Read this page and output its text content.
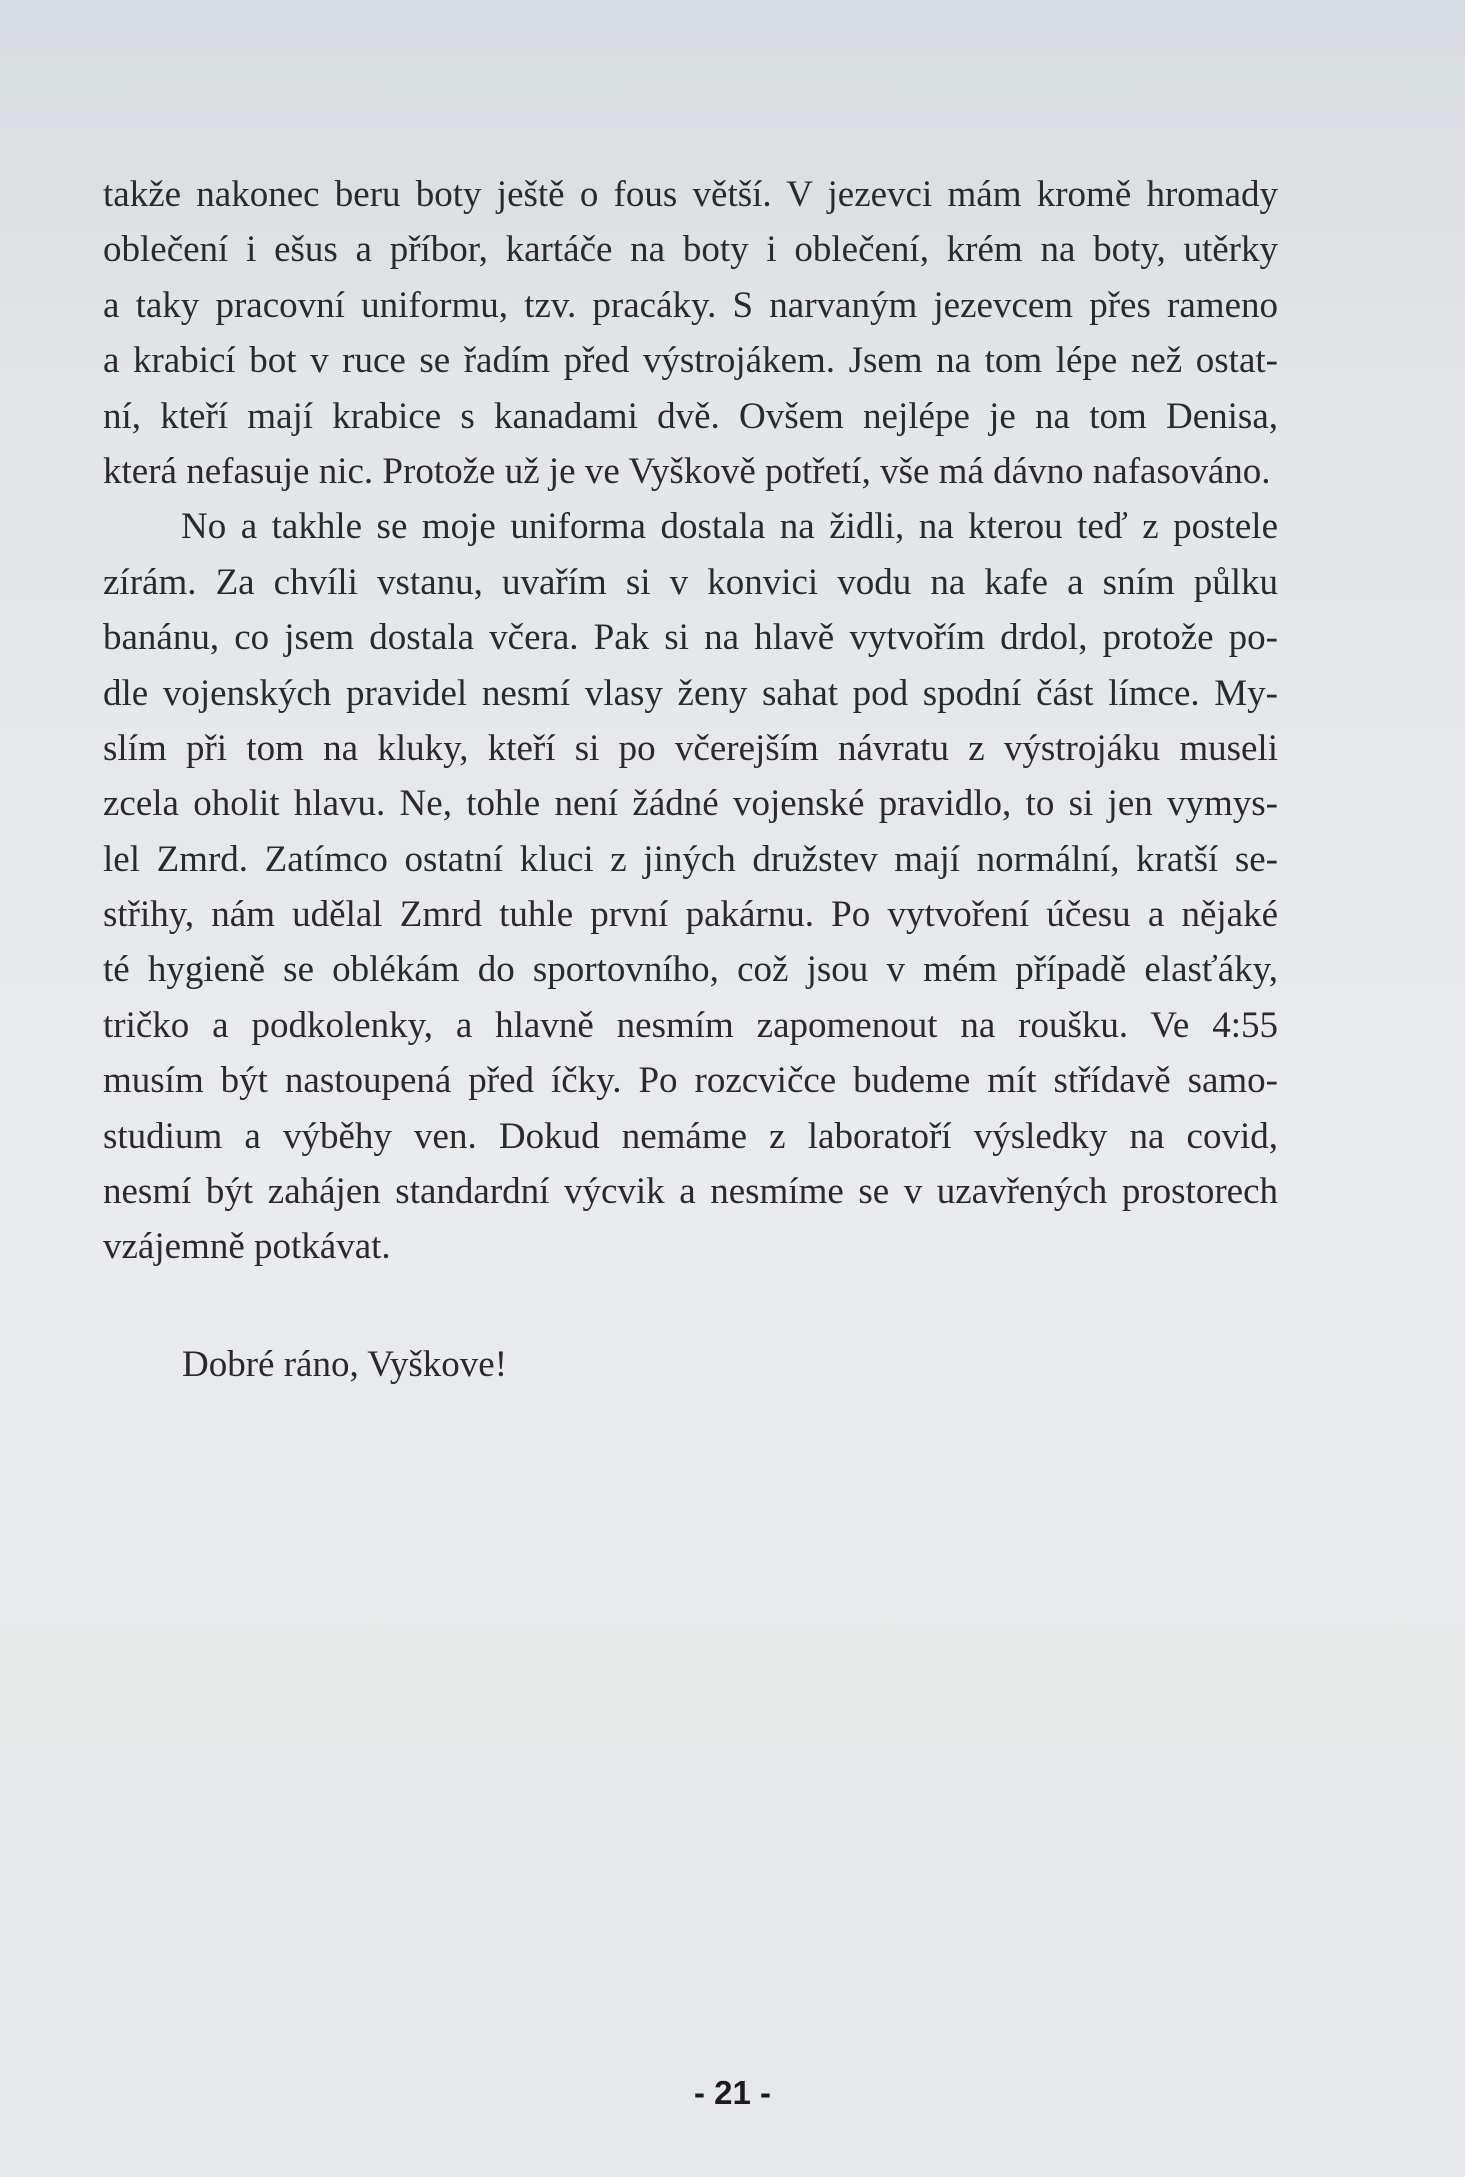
takže nakonec beru boty ještě o fous větší. V jezevci mám kromě hromady
oblečení i ešus a příbor, kartáče na boty i oblečení, krém na boty, utěrky
a taky pracovní uniformu, tzv. pracáky. S narvaným jezevcem přes rameno
a krabicí bot v ruce se řadím před výstrojákem. Jsem na tom lépe než ostat-
ní, kteří mají krabice s kanadami dvě. Ovšem nejlépe je na tom Denisa,
která nefasuje nic. Protože už je ve Vyškově potřetí, vše má dávno nafasováno.
No a takhle se moje uniforma dostala na židli, na kterou teď z postele
zírám. Za chvíli vstanu, uvařím si v konvici vodu na kafe a sním půlku
banánu, co jsem dostala včera. Pak si na hlavě vytvořím drdol, protože po-
dle vojenských pravidel nesmí vlasy ženy sahat pod spodní část límce. My-
slím při tom na kluky, kteří si po včerejším návratu z výstrojáku museli
zcela oholit hlavu. Ne, tohle není žádné vojenské pravidlo, to si jen vymys-
lel Zmrd. Zatímco ostatní kluci z jiných družstev mají normální, kratší se-
střihy, nám udělal Zmrd tuhle první pakárnu. Po vytvoření účesu a nějaké
té hygieně se oblékám do sportovního, což jsou v mém případě elasťáky,
tričko a podkolenky, a hlavně nesmím zapomenout na roušku. Ve 4:55
musím být nastoupená před íčky. Po rozcvičce budeme mít střídavě samo-
studium a výběhy ven. Dokud nemáme z laboratoří výsledky na covid,
nesmí být zahájen standardní výcvik a nesmíme se v uzavřených prostorech
vzájemně potkávat.
Dobré ráno, Vyškove!
- 21 -
